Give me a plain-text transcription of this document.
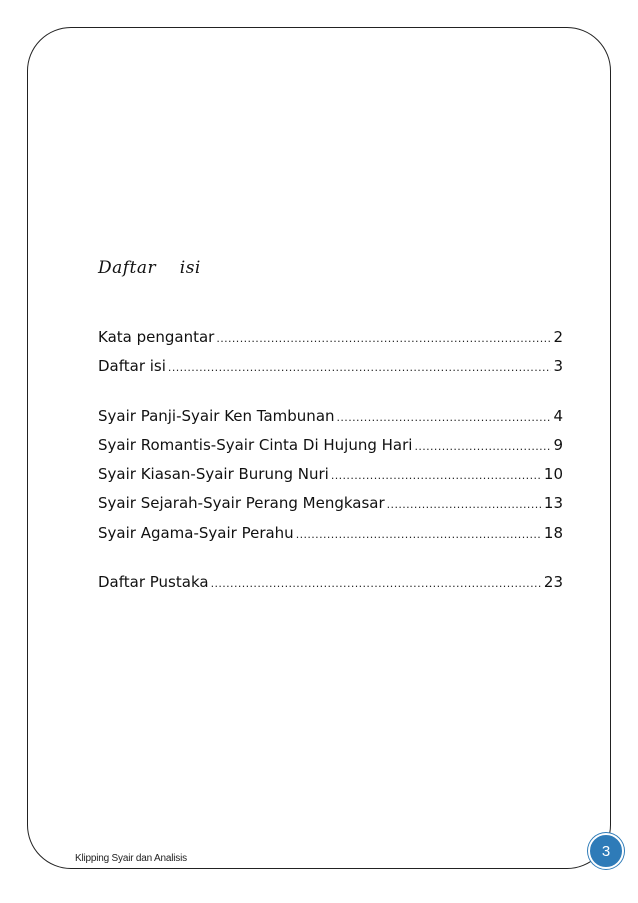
Daftar    isi
Kata pengantar .....	2
Daftar isi .....	3
Syair Panji-Syair Ken Tambunan .....	4
Syair Romantis-Syair Cinta Di Hujung Hari .....	9
Syair Kiasan-Syair Burung Nuri .....	10
Syair Sejarah-Syair Perang Mengkasar .....	13
Syair Agama-Syair Perahu .....	18
Daftar Pustaka .....	23
Klipping Syair dan Analisis	3
